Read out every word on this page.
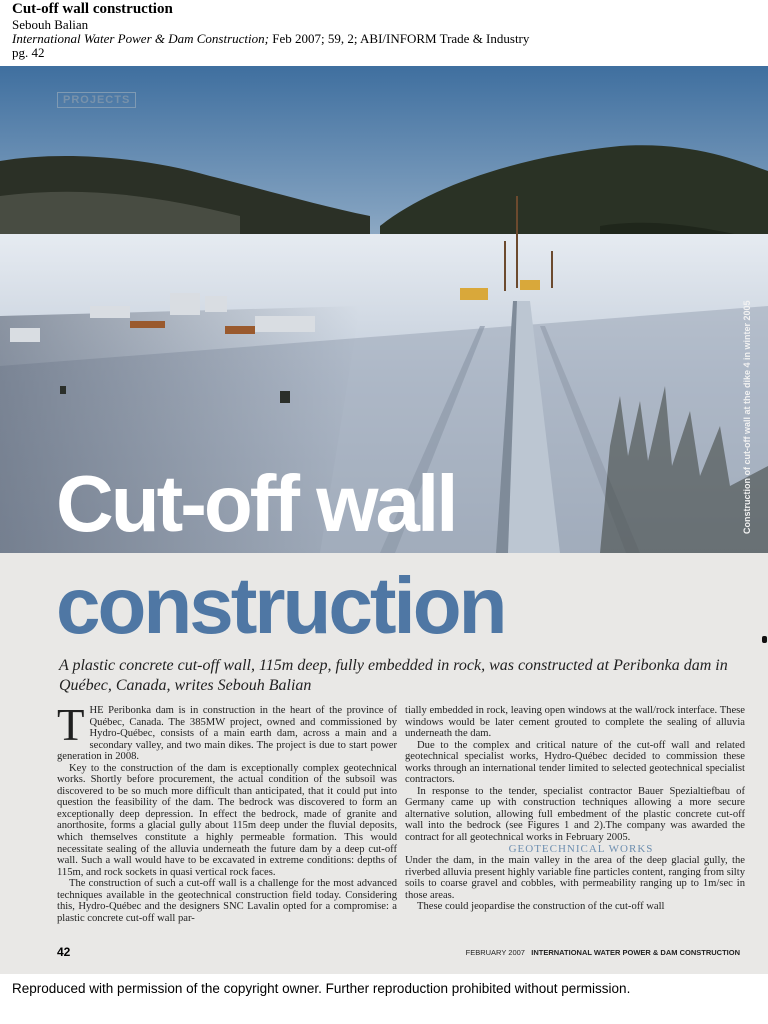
Cut-off wall construction
Sebouh Balian
International Water Power & Dam Construction; Feb 2007; 59, 2; ABI/INFORM Trade & Industry
pg. 42
PROJECTS
Construction of cut-off wall at the dike 4 in winter 2005
Cut-off wall
construction
A plastic concrete cut-off wall, 115m deep, fully embedded in rock, was constructed at Peribonka dam in Québec, Canada, writes Sebouh Balian

THE Peribonka dam is in construction in the heart of the province of Québec, Canada. The 385MW project, owned and commissioned by Hydro-Québec, consists of a main earth dam, across a main and a secondary valley, and two main dikes. The project is due to start power generation in 2008.

Key to the construction of the dam is exceptionally complex geotechnical works. Shortly before procurement, the actual condition of the subsoil was discovered to be so much more difficult than anticipated, that it could put into question the feasibility of the dam. The bedrock was discovered to form an exceptionally deep depression. In effect the bedrock, made of granite and anorthosite, forms a glacial gully about 115m deep under the fluvial deposits, which themselves constitute a highly permeable formation. This would necessitate sealing of the alluvia underneath the future dam by a deep cut-off wall. Such a wall would have to be excavated in extreme conditions: depths of 115m, and rock sockets in quasi vertical rock faces.

The construction of such a cut-off wall is a challenge for the most advanced techniques available in the geotechnical construction field today. Considering this, Hydro-Québec and the designers SNC Lavalin opted for a compromise: a plastic concrete cut-off wall par-

tially embedded in rock, leaving open windows at the wall/rock interface. These windows would be later cement grouted to complete the sealing of alluvia underneath the dam.

Due to the complex and critical nature of the cut-off wall and related geotechnical specialist works, Hydro-Québec decided to commission these works through an international tender limited to selected geotechnical specialist contractors.

In response to the tender, specialist contractor Bauer Spezialtiefbau of Germany came up with construction techniques allowing a more secure alternative solution, allowing full embedment of the plastic concrete cut-off wall into the bedrock (see Figures 1 and 2).The company was awarded the contract for all geotechnical works in February 2005.

GEOTECHNICAL WORKS

Under the dam, in the main valley in the area of the deep glacial gully, the riverbed alluvia present highly variable fine particles content, ranging from silty soils to coarse gravel and cobbles, with permeability ranging up to 1m/sec in those areas.

These could jeopardise the construction of the cut-off wall

42	FEBRUARY 2007 INTERNATIONAL WATER POWER & DAM CONSTRUCTION
Reproduced with permission of the copyright owner. Further reproduction prohibited without permission.
